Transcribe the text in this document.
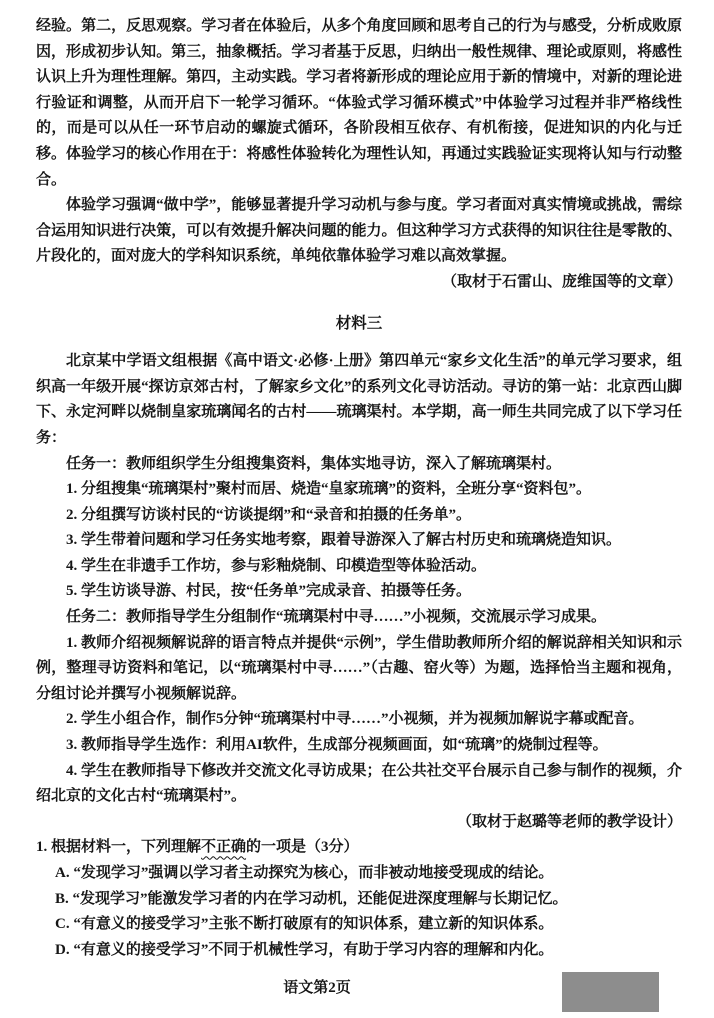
经验。第二，反思观察。学习者在体验后，从多个角度回顾和思考自己的行为与感受，分析成败原因，形成初步认知。第三，抽象概括。学习者基于反思，归纳出一般性规律、理论或原则，将感性认识上升为理性理解。第四，主动实践。学习者将新形成的理论应用于新的情境中，对新的理论进行验证和调整，从而开启下一轮学习循环。“体验式学习循环模式”中体验学习过程并非严格线性的，而是可以从任一环节启动的螺旋式循环，各阶段相互依存、有机衔接，促进知识的内化与迁移。体验学习的核心作用在于：将感性体验转化为理性认知，再通过实践验证实现将认知与行动整合。

体验学习强调“做中学”，能够显著提升学习动机与参与度。学习者面对真实情境或挑战，需综合运用知识进行决策，可以有效提升解决问题的能力。但这种学习方式获得的知识往往是零散的、片段化的，面对庞大的学科知识系统，单纯依靠体验学习难以高效掌握。

（取材于石雷山、庞维国等的文章）

材料三

北京某中学语文组根据《高中语文·必修·上册》第四单元“家乡文化生活”的单元学习要求，组织高一年级开展“探访京郊古村，了解家乡文化”的系列文化寻访活动。寻访的第一站：北京西山脚下、永定河畔以烧制皇家琉璃闻名的古村——琉璃渠村。本学期，高一师生共同完成了以下学习任务：

任务一：教师组织学生分组搜集资料，集体实地寻访，深入了解琉璃渠村。

1. 分组搜集“琉璃渠村”聚村而居、烧造“皇家琉璃”的资料，全班分享“资料包”。

2. 分组撰写访谈村民的“访谈提纲”和“录音和拍摄的任务单”。

3. 学生带着问题和学习任务实地考察，跟着导游深入了解古村历史和琉璃烧造知识。

4. 学生在非遗手工作坊，参与彩釉烧制、印模造型等体验活动。

5. 学生访谈导游、村民，按“任务单”完成录音、拍摄等任务。

任务二：教师指导学生分组制作“琉璃渠村中寻……”小视频，交流展示学习成果。

1. 教师介绍视频解说辞的语言特点并提供“示例”，学生借助教师所介绍的解说辞相关知识和示例，整理寻访资料和笔记，以“琉璃渠村中寻……”（古趣、窑火等）为题，选择恰当主题和视角，分组讨论并撰写小视频解说辞。

2. 学生小组合作，制作5分钟“琉璃渠村中寻……”小视频，并为视频加解说字幕或配音。

3. 教师指导学生选作：利用AI软件，生成部分视频画面，如“琉璃”的烧制过程等。

4. 学生在教师指导下修改并交流文化寻访成果；在公共社交平台展示自己参与制作的视频，介绍北京的文化古村“琉璃渠村”。

（取材于赵璐等老师的教学设计）

1. 根据材料一，下列理解不正确的一项是（3分）

A. “发现学习”强调以学习者主动探究为核心，而非被动地接受现成的结论。

B. “发现学习”能激发学习者的内在学习动机，还能促进深度理解与长期记忆。

C. “有意义的接受学习”主张不断打破原有的知识体系，建立新的知识体系。

D. “有意义的接受学习”不同于机械性学习，有助于学习内容的理解和内化。

语文第2页
